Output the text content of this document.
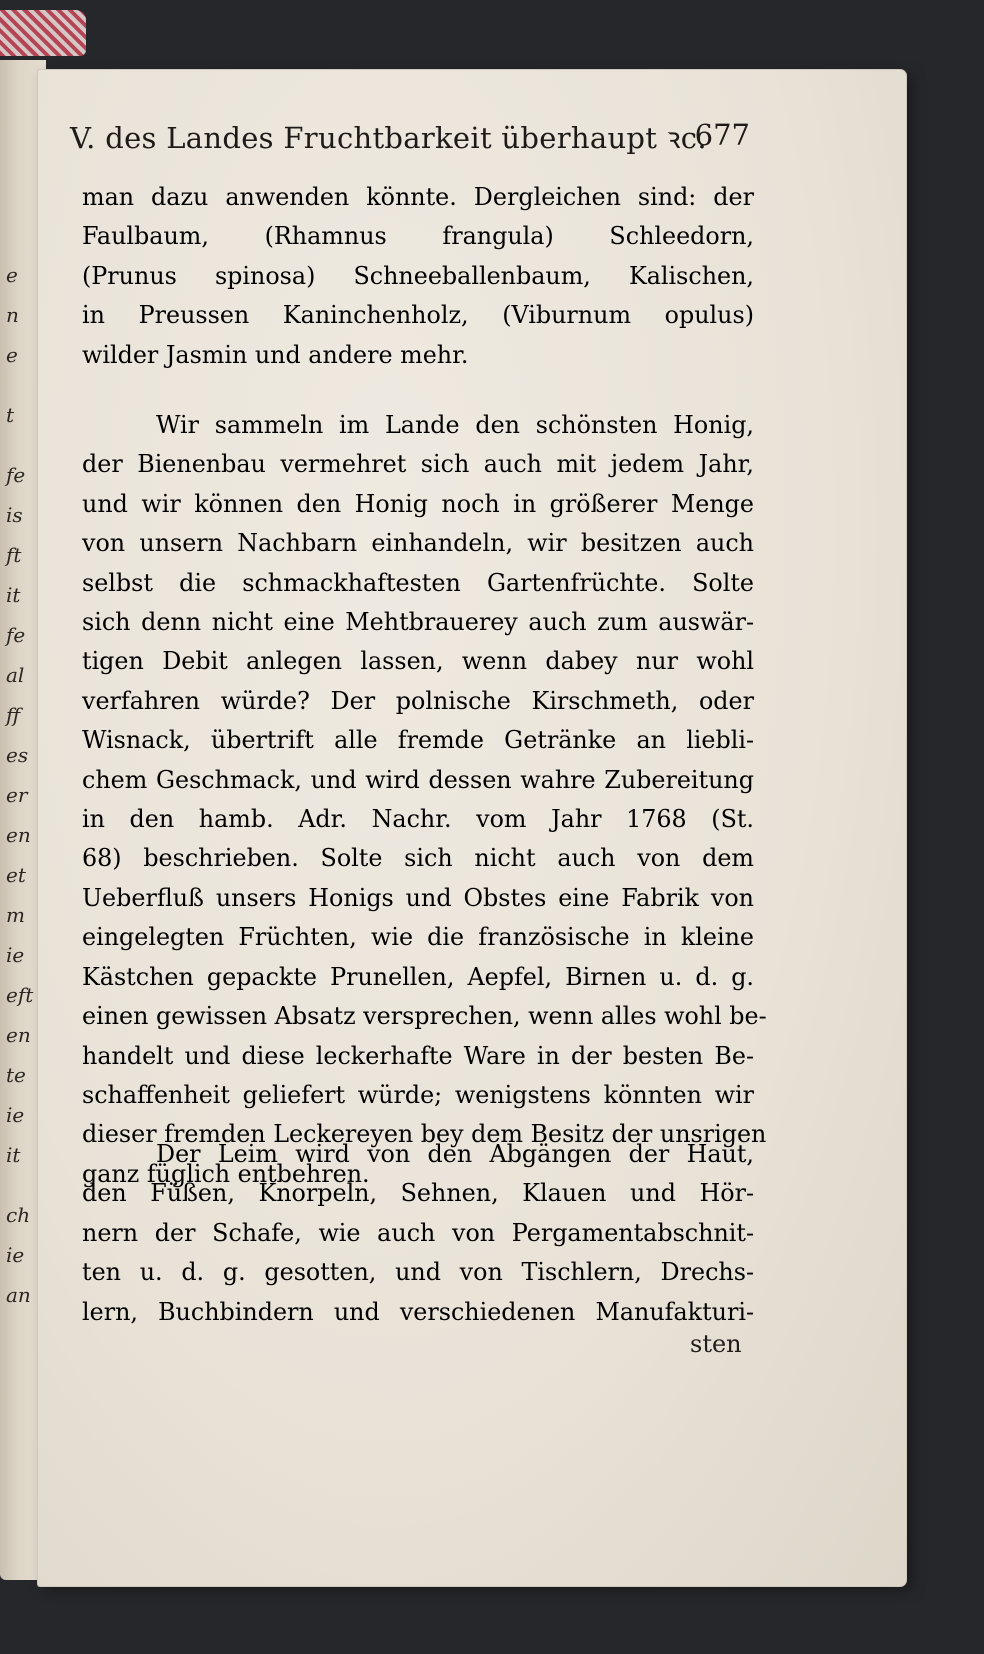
e
n
e
t
fe
is
ft
it
fe
al
ff
es
er
en
et
m
ie
eft
en
te
ie
it
ch
ie
an
V. des Landes Fruchtbarkeit überhaupt ꝛc.
677
man dazu anwenden könnte. Dergleichen sind: der
Faulbaum, (Rhamnus frangula) Schleedorn,
(Prunus spinosa) Schneeballenbaum, Kalischen,
in Preussen Kaninchenholz, (Viburnum opulus)
wilder Jasmin und andere mehr.
Wir sammeln im Lande den schönsten Honig,
der Bienenbau vermehret sich auch mit jedem Jahr,
und wir können den Honig noch in größerer Menge
von unsern Nachbarn einhandeln, wir besitzen auch
selbst die schmackhaftesten Gartenfrüchte. Solte
sich denn nicht eine Mehtbrauerey auch zum auswär-
tigen Debit anlegen lassen, wenn dabey nur wohl
verfahren würde? Der polnische Kirschmeth, oder
Wisnack, übertrift alle fremde Getränke an liebli-
chem Geschmack, und wird dessen wahre Zubereitung
in den hamb. Adr. Nachr. vom Jahr 1768 (St.
68) beschrieben. Solte sich nicht auch von dem
Ueberfluß unsers Honigs und Obstes eine Fabrik von
eingelegten Früchten, wie die französische in kleine
Kästchen gepackte Prunellen, Aepfel, Birnen u. d. g.
einen gewissen Absatz versprechen, wenn alles wohl be-
handelt und diese leckerhafte Ware in der besten Be-
schaffenheit geliefert würde; wenigstens könnten wir
dieser fremden Leckereyen bey dem Besitz der unsrigen
ganz füglich entbehren.
Der Leim wird von den Abgängen der Haut,
den Füßen, Knorpeln, Sehnen, Klauen und Hör-
nern der Schafe, wie auch von Pergamentabschnit-
ten u. d. g. gesotten, und von Tischlern, Drechs-
lern, Buchbindern und verschiedenen Manufakturi-
sten
